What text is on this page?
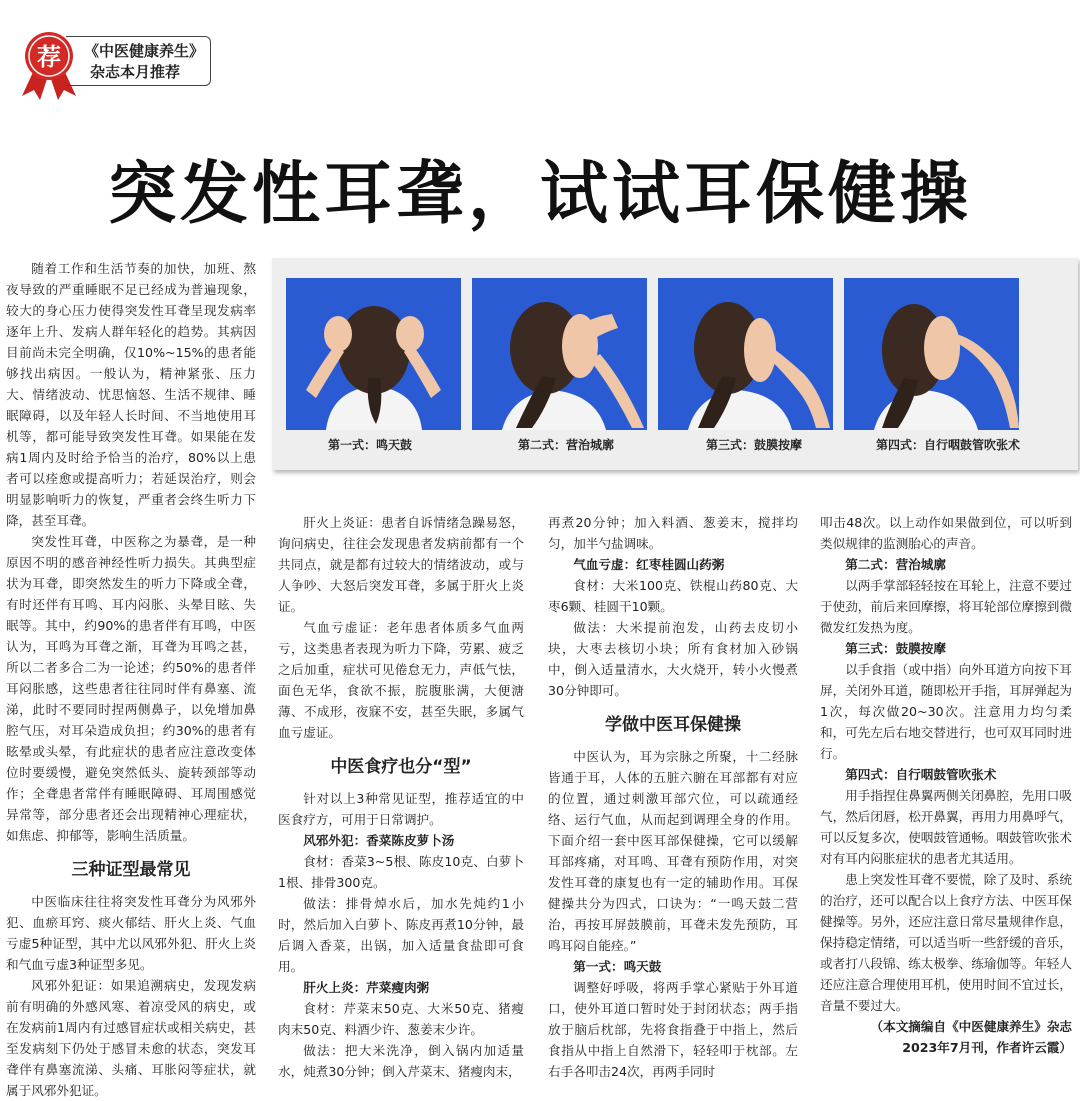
荐 《中医健康养生》
杂志本月推荐
突发性耳聋，试试耳保健操
第一式：鸣天鼓	第二式：营治城廓	第三式：鼓膜按摩	第四式：自行咽鼓管吹张术

随着工作和生活节奏的加快，加班、熬夜导致的严重睡眠不足已经成为普遍现象，较大的身心压力使得突发性耳聋呈现发病率逐年上升、发病人群年轻化的趋势。其病因目前尚未完全明确，仅10%~15%的患者能够找出病因。一般认为，精神紧张、压力大、情绪波动、忧思恼怒、生活不规律、睡眠障碍，以及年轻人长时间、不当地使用耳机等，都可能导致突发性耳聋。如果能在发病1周内及时给予恰当的治疗，80%以上患者可以痊愈或提高听力；若延误治疗，则会明显影响听力的恢复，严重者会终生听力下降，甚至耳聋。

突发性耳聋，中医称之为暴聋，是一种原因不明的感音神经性听力损失。其典型症状为耳聋，即突然发生的听力下降或全聋，有时还伴有耳鸣、耳内闷胀、头晕目眩、失眠等。其中，约90%的患者伴有耳鸣，中医认为，耳鸣为耳聋之渐，耳聋为耳鸣之甚，所以二者多合二为一论述；约50%的患者伴耳闷胀感，这些患者往往同时伴有鼻塞、流涕，此时不要同时捏两侧鼻子，以免增加鼻腔气压，对耳朵造成负担；约30%的患者有眩晕或头晕，有此症状的患者应注意改变体位时要缓慢，避免突然低头、旋转颈部等动作；全聋患者常伴有睡眠障碍、耳周围感觉异常等，部分患者还会出现精神心理症状，如焦虑、抑郁等，影响生活质量。

三种证型最常见

中医临床往往将突发性耳聋分为风邪外犯、血瘀耳窍、痰火郁结、肝火上炎、气血亏虚5种证型，其中尤以风邪外犯、肝火上炎和气血亏虚3种证型多见。

风邪外犯证：如果追溯病史，发现发病前有明确的外感风寒、着凉受风的病史，或在发病前1周内有过感冒症状或相关病史，甚至发病刻下仍处于感冒未愈的状态，突发耳聋伴有鼻塞流涕、头痛、耳胀闷等症状，就属于风邪外犯证。

肝火上炎证：患者自诉情绪急躁易怒，询问病史，往往会发现患者发病前都有一个共同点，就是都有过较大的情绪波动，或与人争吵、大怒后突发耳聋，多属于肝火上炎证。

气血亏虚证：老年患者体质多气血两亏，这类患者表现为听力下降，劳累、疲乏之后加重，症状可见倦怠无力，声低气怯，面色无华，食欲不振，脘腹胀满，大便溏薄、不成形，夜寐不安，甚至失眠，多属气血亏虚证。

中医食疗也分“型”

针对以上3种常见证型，推荐适宜的中医食疗方，可用于日常调护。

风邪外犯：香菜陈皮萝卜汤

食材：香菜3~5根、陈皮10克、白萝卜1根、排骨300克。

做法：排骨焯水后，加水先炖约1小时，然后加入白萝卜、陈皮再煮10分钟，最后调入香菜，出锅，加入适量食盐即可食用。

肝火上炎：芹菜瘦肉粥

食材：芹菜末50克、大米50克、猪瘦肉末50克、料酒少许、葱姜末少许。

做法：把大米洗净，倒入锅内加适量水，炖煮30分钟；倒入芹菜末、猪瘦肉末，

再煮20分钟；加入料酒、葱姜末，搅拌均匀，加半勺盐调味。

气血亏虚：红枣桂圆山药粥

食材：大米100克、铁棍山药80克、大枣6颗、桂圆干10颗。

做法：大米提前泡发，山药去皮切小块，大枣去核切小块；所有食材加入砂锅中，倒入适量清水，大火烧开，转小火慢煮30分钟即可。

学做中医耳保健操

中医认为，耳为宗脉之所聚，十二经脉皆通于耳，人体的五脏六腑在耳部都有对应的位置，通过刺激耳部穴位，可以疏通经络、运行气血，从而起到调理全身的作用。下面介绍一套中医耳部保健操，它可以缓解耳部疼痛，对耳鸣、耳聋有预防作用，对突发性耳聋的康复也有一定的辅助作用。耳保健操共分为四式，口诀为：“一鸣天鼓二营治，再按耳屏鼓膜前，耳聋未发先预防，耳鸣耳闷自能痊。”

第一式：鸣天鼓

调整好呼吸，将两手掌心紧贴于外耳道口，使外耳道口暂时处于封闭状态；两手指放于脑后枕部，先将食指叠于中指上，然后食指从中指上自然滑下，轻轻叩于枕部。左右手各叩击24次，再两手同时

叩击48次。以上动作如果做到位，可以听到类似规律的监测胎心的声音。

第二式：营治城廓

以两手掌部轻轻按在耳轮上，注意不要过于使劲，前后来回摩擦，将耳轮部位摩擦到微微发红发热为度。

第三式：鼓膜按摩

以手食指（或中指）向外耳道方向按下耳屏，关闭外耳道，随即松开手指，耳屏弹起为1次，每次做20~30次。注意用力均匀柔和，可先左后右地交替进行，也可双耳同时进行。

第四式：自行咽鼓管吹张术

用手指捏住鼻翼两侧关闭鼻腔，先用口吸气，然后闭唇，松开鼻翼，再用力用鼻呼气，可以反复多次，使咽鼓管通畅。咽鼓管吹张术对有耳内闷胀症状的患者尤其适用。

患上突发性耳聋不要慌，除了及时、系统的治疗，还可以配合以上食疗方法、中医耳保健操等。另外，还应注意日常尽量规律作息，保持稳定情绪，可以适当听一些舒缓的音乐，或者打八段锦、练太极拳、练瑜伽等。年轻人还应注意合理使用耳机，使用时间不宜过长，音量不要过大。

（本文摘编自《中医健康养生》杂志

2023年7月刊，作者许云霞）
